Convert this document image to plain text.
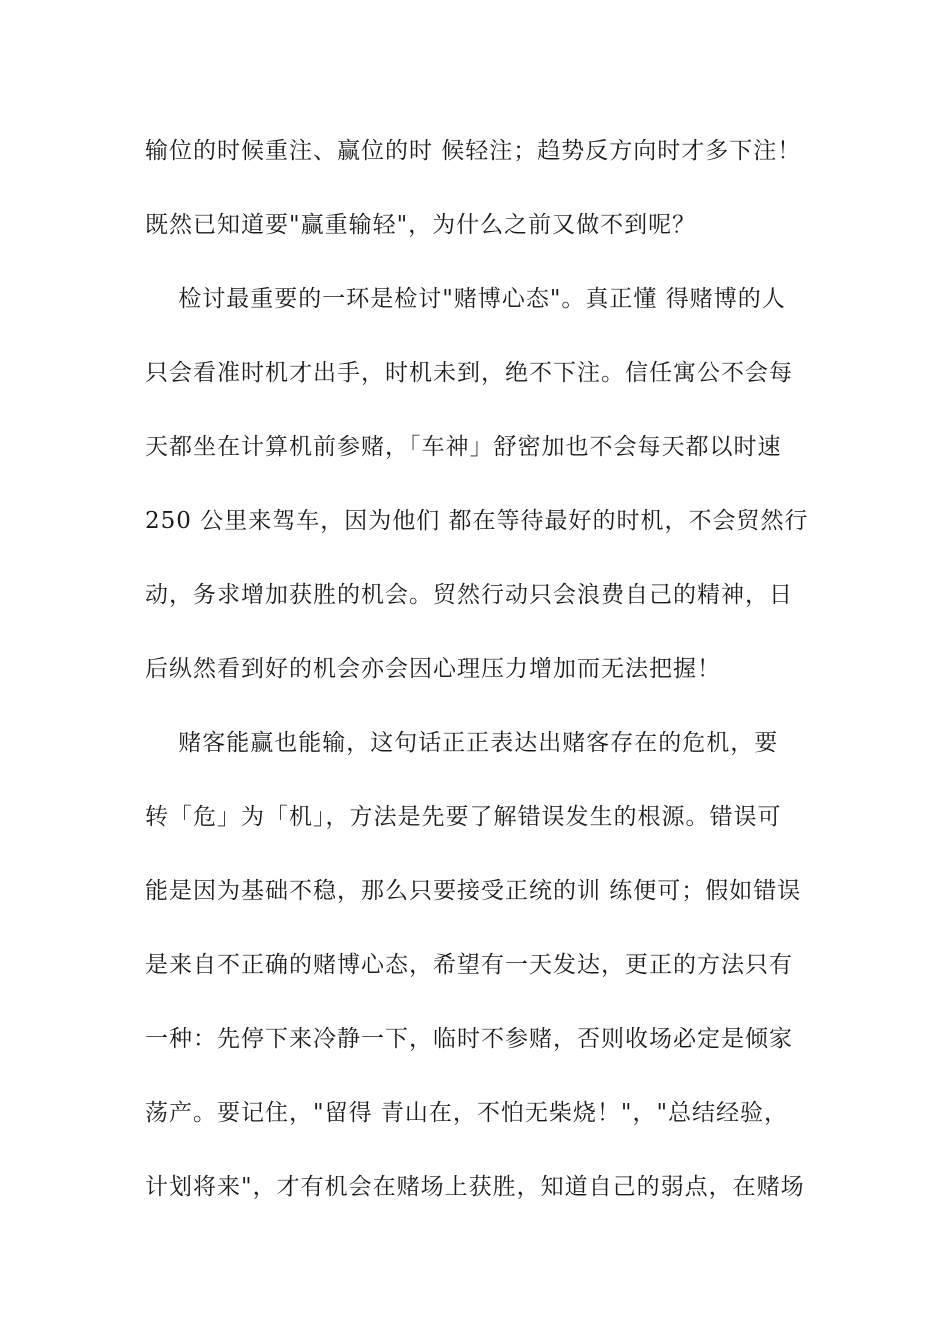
输位的时候重注、赢位的时 候轻注；趋势反方向时才多下注！
既然已知道要"赢重输轻"，为什么之前又做不到呢？
检讨最重要的一环是检讨"赌博心态"。真正懂 得赌博的人
只会看准时机才出手，时机未到，绝不下注。信任寓公不会每
天都坐在计算机前参赌，「车神」舒密加也不会每天都以时速
250 公里来驾车，因为他们 都在等待最好的时机，不会贸然行
动，务求增加获胜的机会。贸然行动只会浪费自己的精神，日
后纵然看到好的机会亦会因心理压力增加而无法把握！
赌客能赢也能输，这句话正正表达出赌客存在的危机，要
转「危」为「机」，方法是先要了解错误发生的根源。错误可
能是因为基础不稳，那么只要接受正统的训 练便可；假如错误
是来自不正确的赌博心态，希望有一天发达，更正的方法只有
一种：先停下来冷静一下，临时不参赌，否则收场必定是倾家
荡产。要记住，"留得 青山在，不怕无柴烧！"，"总结经验，
计划将来"，才有机会在赌场上获胜，知道自己的弱点，在赌场
